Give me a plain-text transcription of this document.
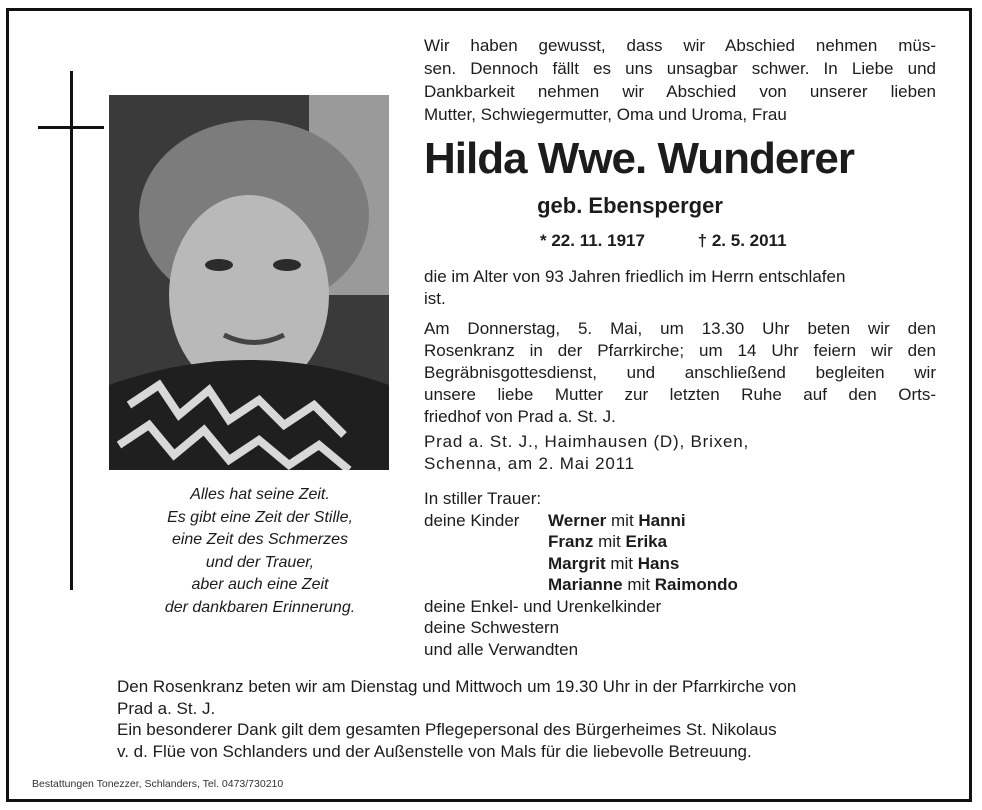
Alles hat seine Zeit.
Es gibt eine Zeit der Stille,
eine Zeit des Schmerzes
und der Trauer,
aber auch eine Zeit
der dankbaren Erinnerung.
Wir haben gewusst, dass wir Abschied nehmen müs-
sen. Dennoch fällt es uns unsagbar schwer. In Liebe und
Dankbarkeit nehmen wir Abschied von unserer lieben
Mutter, Schwiegermutter, Oma und Uroma, Frau
Hilda Wwe. Wunderer
geb. Ebensperger
* 22. 11. 1917	† 2. 5. 2011
die im Alter von 93 Jahren friedlich im Herrn entschlafen
ist.
Am Donnerstag, 5. Mai, um 13.30 Uhr beten wir den
Rosenkranz in der Pfarrkirche; um 14 Uhr feiern wir den
Begräbnisgottesdienst, und anschließend begleiten wir
unsere liebe Mutter zur letzten Ruhe auf den Orts-
friedhof von Prad a. St. J.
Prad a. St. J., Haimhausen (D), Brixen,
Schenna, am 2. Mai 2011
In stiller Trauer:
deine Kinder	Werner mit Hanni
Franz mit Erika
Margrit mit Hans
Marianne mit Raimondo
deine Enkel- und Urenkelkinder
deine Schwestern
und alle Verwandten
Den Rosenkranz beten wir am Dienstag und Mittwoch um 19.30 Uhr in der Pfarrkirche von
Prad a. St. J.
Ein besonderer Dank gilt dem gesamten Pflegepersonal des Bürgerheimes St. Nikolaus
v. d. Flüe von Schlanders und der Außenstelle von Mals für die liebevolle Betreuung.
Bestattungen Tonezzer, Schlanders, Tel. 0473/730210
